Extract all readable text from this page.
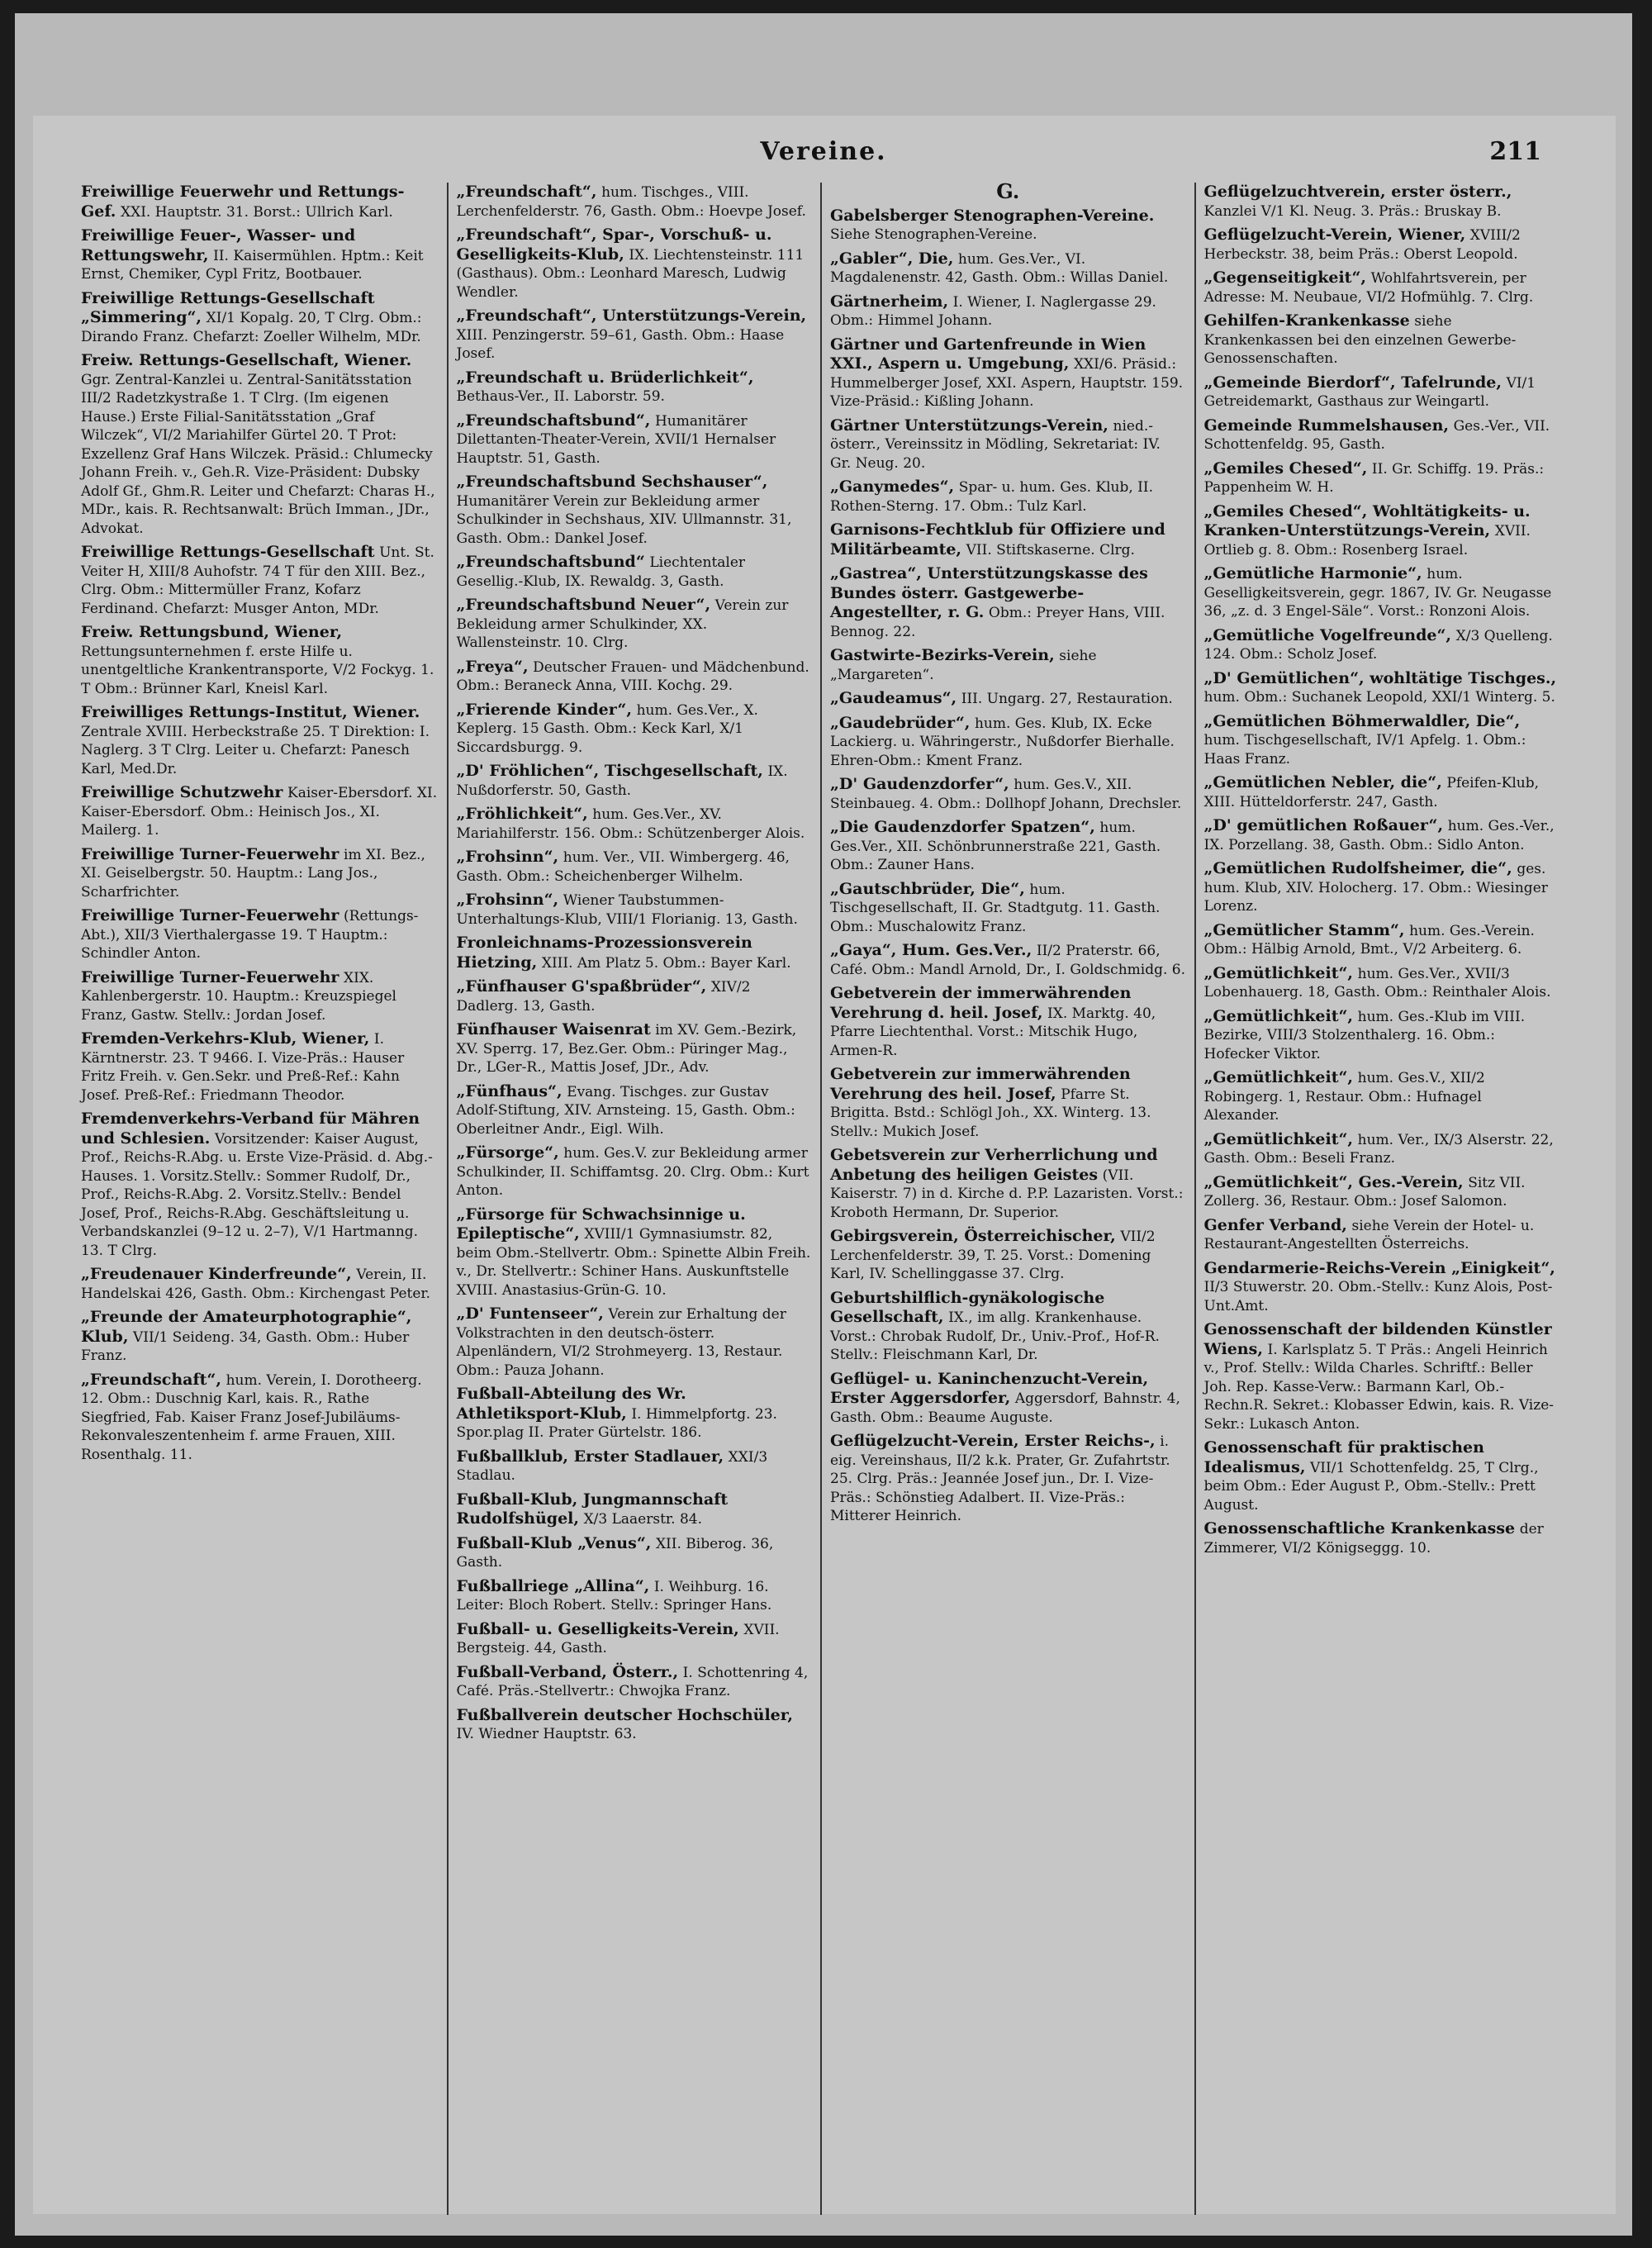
Vereine.	211
Freiwillige Feuerwehr und Rettungs-Gef. XXI. Hauptstr. 31. Borst.: Ullrich Karl.
Freiwillige Feuer-, Wasser- und Rettungswehr, II. Kaisermühlen. Hptm.: Keit Ernst, Chemiker, Cypl Fritz, Bootbauer.
Freiwillige Rettungs-Gesellschaft „Simmering“, XI/1 Kopalg. 20, T Clrg. Obm.: Dirando Franz. Chefarzt: Zoeller Wilhelm, MDr.
Freiw. Rettungs-Gesellschaft, Wiener. Ggr. Zentral-Kanzlei u. Zentral-Sanitätsstation III/2 Radetzkystraße 1. T Clrg. (Im eigenen Hause.) Erste Filial-Sanitätsstation „Graf Wilczek“, VI/2 Mariahilfer Gürtel 20. T Prot: Exzellenz Graf Hans Wilczek. Präsid.: Chlumecky Johann Freih. v., Geh.R. Vize-Präsident: Dubsky Adolf Gf., Ghm.R. Leiter und Chefarzt: Charas H., MDr., kais. R. Rechtsanwalt: Brüch Imman., JDr., Advokat.
Freiwillige Rettungs-Gesellschaft Unt. St. Veiter H, XIII/8 Auhofstr. 74 T für den XIII. Bez., Clrg. Obm.: Mittermüller Franz, Kofarz Ferdinand. Chefarzt: Musger Anton, MDr.
Freiw. Rettungsbund, Wiener, Rettungsunternehmen f. erste Hilfe u. unentgeltliche Krankentransporte, V/2 Fockyg. 1. T Obm.: Brünner Karl, Kneisl Karl.
Freiwilliges Rettungs-Institut, Wiener. Zentrale XVIII. Herbeckstraße 25. T Direktion: I. Naglerg. 3 T Clrg. Leiter u. Chefarzt: Panesch Karl, Med.Dr.
Freiwillige Schutzwehr Kaiser-Ebersdorf. XI. Kaiser-Ebersdorf. Obm.: Heinisch Jos., XI. Mailerg. 1.
Freiwillige Turner-Feuerwehr im XI. Bez., XI. Geiselbergstr. 50. Hauptm.: Lang Jos., Scharfrichter.
Freiwillige Turner-Feuerwehr (Rettungs-Abt.), XII/3 Vierthalergasse 19. T Hauptm.: Schindler Anton.
Freiwillige Turner-Feuerwehr XIX. Kahlenbergerstr. 10. Hauptm.: Kreuzspiegel Franz, Gastw. Stellv.: Jordan Josef.
Fremden-Verkehrs-Klub, Wiener, I. Kärntnerstr. 23. T 9466. I. Vize-Präs.: Hauser Fritz Freih. v. Gen.Sekr. und Preß-Ref.: Kahn Josef. Preß-Ref.: Friedmann Theodor.
Fremdenverkehrs-Verband für Mähren und Schlesien. Vorsitzender: Kaiser August, Prof., Reichs-R.Abg. u. Erste Vize-Präsid. d. Abg.-Hauses. 1. Vorsitz.Stellv.: Sommer Rudolf, Dr., Prof., Reichs-R.Abg. 2. Vorsitz.Stellv.: Bendel Josef, Prof., Reichs-R.Abg. Geschäftsleitung u. Verbandskanzlei (9–12 u. 2–7), V/1 Hartmanng. 13. T Clrg.
„Freudenauer Kinderfreunde“, Verein, II. Handelskai 426, Gasth. Obm.: Kirchengast Peter.
„Freunde der Amateurphotographie“, Klub, VII/1 Seideng. 34, Gasth. Obm.: Huber Franz.
„Freundschaft“, hum. Verein, I. Dorotheerg. 12. Obm.: Duschnig Karl, kais. R., Rathe Siegfried, Fab. Kaiser Franz Josef-Jubiläums-Rekonvaleszentenheim f. arme Frauen, XIII. Rosenthalg. 11.
„Freundschaft“, hum. Tischges., VIII. Lerchenfelderstr. 76, Gasth. Obm.: Hoevpe Josef.
„Freundschaft“, Spar-, Vorschuß- u. Geselligkeits-Klub, IX. Liechtensteinstr. 111 (Gasthaus). Obm.: Leonhard Maresch, Ludwig Wendler.
„Freundschaft“, Unterstützungs-Verein, XIII. Penzingerstr. 59–61, Gasth. Obm.: Haase Josef.
„Freundschaft u. Brüderlichkeit“, Bethaus-Ver., II. Laborstr. 59.
„Freundschaftsbund“, Humanitärer Dilettanten-Theater-Verein, XVII/1 Hernalser Hauptstr. 51, Gasth.
„Freundschaftsbund Sechshauser“, Humanitärer Verein zur Bekleidung armer Schulkinder in Sechshaus, XIV. Ullmannstr. 31, Gasth. Obm.: Dankel Josef.
„Freundschaftsbund“ Liechtentaler Gesellig.-Klub, IX. Rewaldg. 3, Gasth.
„Freundschaftsbund Neuer“, Verein zur Bekleidung armer Schulkinder, XX. Wallensteinstr. 10. Clrg.
„Freya“, Deutscher Frauen- und Mädchenbund. Obm.: Beraneck Anna, VIII. Kochg. 29.
„Frierende Kinder“, hum. Ges.Ver., X. Keplerg. 15 Gasth. Obm.: Keck Karl, X/1 Siccardsburgg. 9.
„D' Fröhlichen“, Tischgesellschaft, IX. Nußdorferstr. 50, Gasth.
„Fröhlichkeit“, hum. Ges.Ver., XV. Mariahilferstr. 156. Obm.: Schützenberger Alois.
„Frohsinn“, hum. Ver., VII. Wimbergerg. 46, Gasth. Obm.: Scheichenberger Wilhelm.
„Frohsinn“, Wiener Taubstummen-Unterhaltungs-Klub, VIII/1 Florianig. 13, Gasth.
Fronleichnams-Prozessionsverein Hietzing, XIII. Am Platz 5. Obm.: Bayer Karl.
„Fünfhauser G'spaßbrüder“, XIV/2 Dadlerg. 13, Gasth.
Fünfhauser Waisenrat im XV. Gem.-Bezirk, XV. Sperrg. 17, Bez.Ger. Obm.: Püringer Mag., Dr., LGer-R., Mattis Josef, JDr., Adv.
„Fünfhaus“, Evang. Tischges. zur Gustav Adolf-Stiftung, XIV. Arnsteing. 15, Gasth. Obm.: Oberleitner Andr., Eigl. Wilh.
„Fürsorge“, hum. Ges.V. zur Bekleidung armer Schulkinder, II. Schiffamtsg. 20. Clrg. Obm.: Kurt Anton.
„Fürsorge für Schwachsinnige u. Epileptische“, XVIII/1 Gymnasiumstr. 82, beim Obm.-Stellvertr. Obm.: Spinette Albin Freih. v., Dr. Stellvertr.: Schiner Hans. Auskunftstelle XVIII. Anastasius-Grün-G. 10.
„D' Funtenseer“, Verein zur Erhaltung der Volkstrachten in den deutsch-österr. Alpenländern, VI/2 Strohmeyerg. 13, Restaur. Obm.: Pauza Johann.
Fußball-Abteilung des Wr. Athletiksport-Klub, I. Himmelpfortg. 23. Spor.plag II. Prater Gürtelstr. 186.
Fußballklub, Erster Stadlauer, XXI/3 Stadlau.
Fußball-Klub, Jungmannschaft Rudolfshügel, X/3 Laaerstr. 84.
Fußball-Klub „Venus“, XII. Biberog. 36, Gasth.
Fußballriege „Allina“, I. Weihburg. 16. Leiter: Bloch Robert. Stellv.: Springer Hans.
Fußball- u. Geselligkeits-Verein, XVII. Bergsteig. 44, Gasth.
Fußball-Verband, Österr., I. Schottenring 4, Café. Präs.-Stellvertr.: Chwojka Franz.
Fußballverein deutscher Hochschüler, IV. Wiedner Hauptstr. 63.
G.
Gabelsberger Stenographen-Vereine. Siehe Stenographen-Vereine.
„Gabler“, Die, hum. Ges.Ver., VI. Magdalenenstr. 42, Gasth. Obm.: Willas Daniel.
Gärtnerheim, I. Wiener, I. Naglergasse 29. Obm.: Himmel Johann.
Gärtner und Gartenfreunde in Wien XXI., Aspern u. Umgebung, XXI/6. Präsid.: Hummelberger Josef, XXI. Aspern, Hauptstr. 159. Vize-Präsid.: Kißling Johann.
Gärtner Unterstützungs-Verein, nied.-österr., Vereinssitz in Mödling, Sekretariat: IV. Gr. Neug. 20.
„Ganymedes“, Spar- u. hum. Ges. Klub, II. Rothen-Sterng. 17. Obm.: Tulz Karl.
Garnisons-Fechtklub für Offiziere und Militärbeamte, VII. Stiftskaserne. Clrg.
„Gastrea“, Unterstützungskasse des Bundes österr. Gastgewerbe-Angestellter, r. G. Obm.: Preyer Hans, VIII. Bennog. 22.
Gastwirte-Bezirks-Verein, siehe „Margareten“.
„Gaudeamus“, III. Ungarg. 27, Restauration.
„Gaudebrüder“, hum. Ges. Klub, IX. Ecke Lackierg. u. Währingerstr., Nußdorfer Bierhalle. Ehren-Obm.: Kment Franz.
„D' Gaudenzdorfer“, hum. Ges.V., XII. Steinbaueg. 4. Obm.: Dollhopf Johann, Drechsler.
„Die Gaudenzdorfer Spatzen“, hum. Ges.Ver., XII. Schönbrunnerstraße 221, Gasth. Obm.: Zauner Hans.
„Gautschbrüder, Die“, hum. Tischgesellschaft, II. Gr. Stadtgutg. 11. Gasth. Obm.: Muschalowitz Franz.
„Gaya“, Hum. Ges.Ver., II/2 Praterstr. 66, Café. Obm.: Mandl Arnold, Dr., I. Goldschmidg. 6.
Gebetverein der immerwährenden Verehrung d. heil. Josef, IX. Marktg. 40, Pfarre Liechtenthal. Vorst.: Mitschik Hugo, Armen-R.
Gebetverein zur immerwährenden Verehrung des heil. Josef, Pfarre St. Brigitta. Bstd.: Schlögl Joh., XX. Winterg. 13. Stellv.: Mukich Josef.
Gebetsverein zur Verherrlichung und Anbetung des heiligen Geistes (VII. Kaiserstr. 7) in d. Kirche d. P.P. Lazaristen. Vorst.: Kroboth Hermann, Dr. Superior.
Gebirgsverein, Österreichischer, VII/2 Lerchenfelderstr. 39, T. 25. Vorst.: Domening Karl, IV. Schellinggasse 37. Clrg.
Geburtshilflich-gynäkologische Gesellschaft, IX., im allg. Krankenhause. Vorst.: Chrobak Rudolf, Dr., Univ.-Prof., Hof-R. Stellv.: Fleischmann Karl, Dr.
Geflügel- u. Kaninchenzucht-Verein, Erster Aggersdorfer, Aggersdorf, Bahnstr. 4, Gasth. Obm.: Beaume Auguste.
Geflügelzucht-Verein, Erster Reichs-, i. eig. Vereinshaus, II/2 k.k. Prater, Gr. Zufahrtstr. 25. Clrg. Präs.: Jeannée Josef jun., Dr. I. Vize-Präs.: Schönstieg Adalbert. II. Vize-Präs.: Mitterer Heinrich.
Geflügelzuchtverein, erster österr., Kanzlei V/1 Kl. Neug. 3. Präs.: Bruskay B.
Geflügelzucht-Verein, Wiener, XVIII/2 Herbeckstr. 38, beim Präs.: Oberst Leopold.
„Gegenseitigkeit“, Wohlfahrtsverein, per Adresse: M. Neubaue, VI/2 Hofmühlg. 7. Clrg.
Gehilfen-Krankenkasse siehe Krankenkassen bei den einzelnen Gewerbe-Genossenschaften.
„Gemeinde Bierdorf“, Tafelrunde, VI/1 Getreidemarkt, Gasthaus zur Weingartl.
Gemeinde Rummelshausen, Ges.-Ver., VII. Schottenfeldg. 95, Gasth.
„Gemiles Chesed“, II. Gr. Schiffg. 19. Präs.: Pappenheim W. H.
„Gemiles Chesed“, Wohltätigkeits- u. Kranken-Unterstützungs-Verein, XVII. Ortlieb g. 8. Obm.: Rosenberg Israel.
„Gemütliche Harmonie“, hum. Geselligkeitsverein, gegr. 1867, IV. Gr. Neugasse 36, „z. d. 3 Engel-Säle“. Vorst.: Ronzoni Alois.
„Gemütliche Vogelfreunde“, X/3 Quelleng. 124. Obm.: Scholz Josef.
„D' Gemütlichen“, wohltätige Tischges., hum. Obm.: Suchanek Leopold, XXI/1 Winterg. 5.
„Gemütlichen Böhmerwaldler, Die“, hum. Tischgesellschaft, IV/1 Apfelg. 1. Obm.: Haas Franz.
„Gemütlichen Nebler, die“, Pfeifen-Klub, XIII. Hütteldorferstr. 247, Gasth.
„D' gemütlichen Roßauer“, hum. Ges.-Ver., IX. Porzellang. 38, Gasth. Obm.: Sidlo Anton.
„Gemütlichen Rudolfsheimer, die“, ges. hum. Klub, XIV. Holocherg. 17. Obm.: Wiesinger Lorenz.
„Gemütlicher Stamm“, hum. Ges.-Verein. Obm.: Hälbig Arnold, Bmt., V/2 Arbeiterg. 6.
„Gemütlichkeit“, hum. Ges.Ver., XVII/3 Lobenhauerg. 18, Gasth. Obm.: Reinthaler Alois.
„Gemütlichkeit“, hum. Ges.-Klub im VIII. Bezirke, VIII/3 Stolzenthalerg. 16. Obm.: Hofecker Viktor.
„Gemütlichkeit“, hum. Ges.V., XII/2 Robingerg. 1, Restaur. Obm.: Hufnagel Alexander.
„Gemütlichkeit“, hum. Ver., IX/3 Alserstr. 22, Gasth. Obm.: Beseli Franz.
„Gemütlichkeit“, Ges.-Verein, Sitz VII. Zollerg. 36, Restaur. Obm.: Josef Salomon.
Genfer Verband, siehe Verein der Hotel- u. Restaurant-Angestellten Österreichs.
Gendarmerie-Reichs-Verein „Einigkeit“, II/3 Stuwerstr. 20. Obm.-Stellv.: Kunz Alois, Post-Unt.Amt.
Genossenschaft der bildenden Künstler Wiens, I. Karlsplatz 5. T Präs.: Angeli Heinrich v., Prof. Stellv.: Wilda Charles. Schriftf.: Beller Joh. Rep. Kasse-Verw.: Barmann Karl, Ob.-Rechn.R. Sekret.: Klobasser Edwin, kais. R. Vize-Sekr.: Lukasch Anton.
Genossenschaft für praktischen Idealismus, VII/1 Schottenfeldg. 25, T Clrg., beim Obm.: Eder August P., Obm.-Stellv.: Prett August.
Genossenschaftliche Krankenkasse der Zimmerer, VI/2 Königseggg. 10.
